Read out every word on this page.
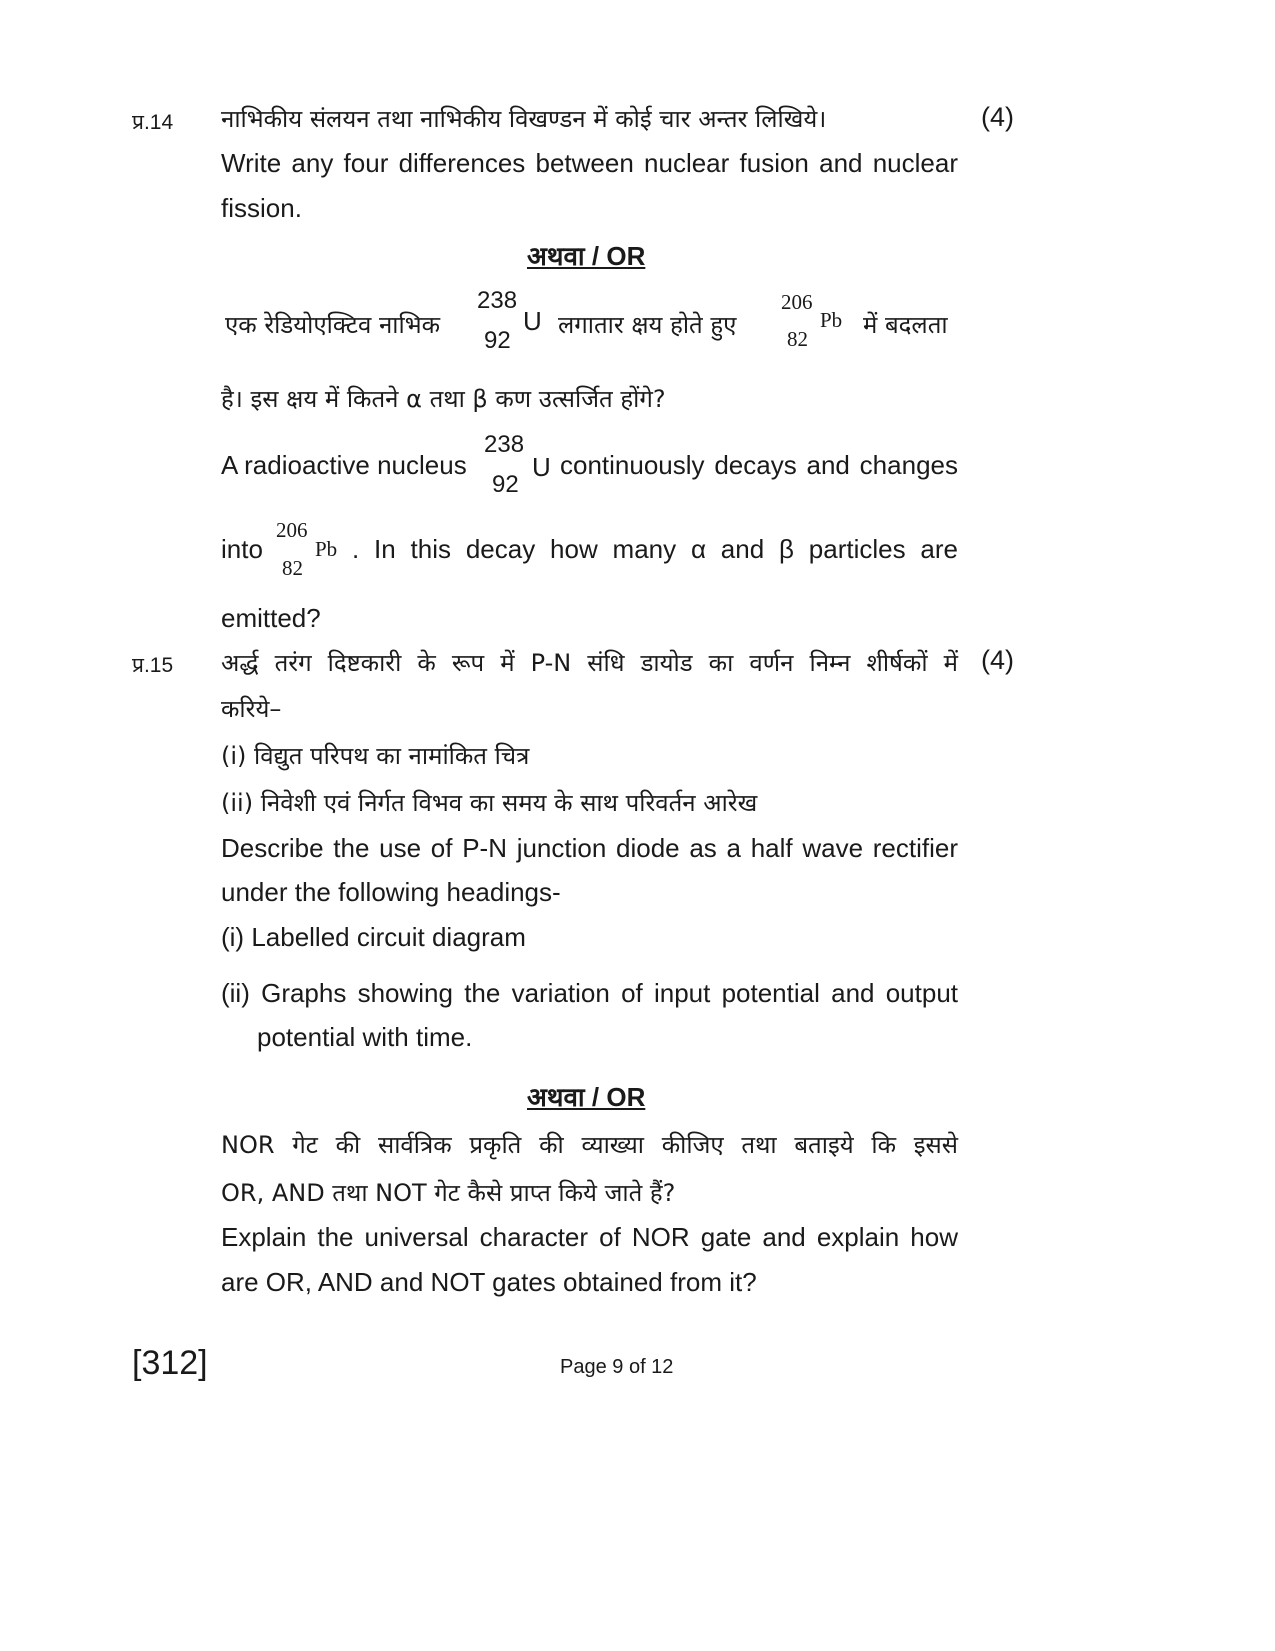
प्र.14	(4)
नाभिकीय संलयन तथा नाभिकीय विखण्डन में कोई चार अन्तर लिखिये।
Write any four differences between nuclear fusion and nuclear
fission.
अथवा / OR
एक रेडियोएक्टिव नाभिक
238
92
U लगातार क्षय होते हुए
206
82
Pb में बदलता
है। इस क्षय में कितने α तथा β कण उत्सर्जित होंगे?
A radioactive nucleus
238
92
U continuously decays and changes
into
206
82
Pb . In this decay how many α and β particles are
emitted?
प्र.15	(4)
अर्द्ध तरंग दिष्टकारी के रूप में P-N संधि डायोड का वर्णन निम्न शीर्षकों में
करिये–
(i) विद्युत परिपथ का नामांकित चित्र
(ii) निवेशी एवं निर्गत विभव का समय के साथ परिवर्तन आरेख
Describe the use of P-N junction diode as a half wave rectifier
under the following headings-
(i) Labelled circuit diagram
(ii) Graphs showing the variation of input potential and output
potential with time.
अथवा / OR
NOR गेट की सार्वत्रिक प्रकृति की व्याख्या कीजिए तथा बताइये कि इससे
OR, AND तथा NOT गेट कैसे प्राप्त किये जाते हैं?
Explain the universal character of NOR gate and explain how
are OR, AND and NOT gates obtained from it?
[312]	Page 9 of 12
